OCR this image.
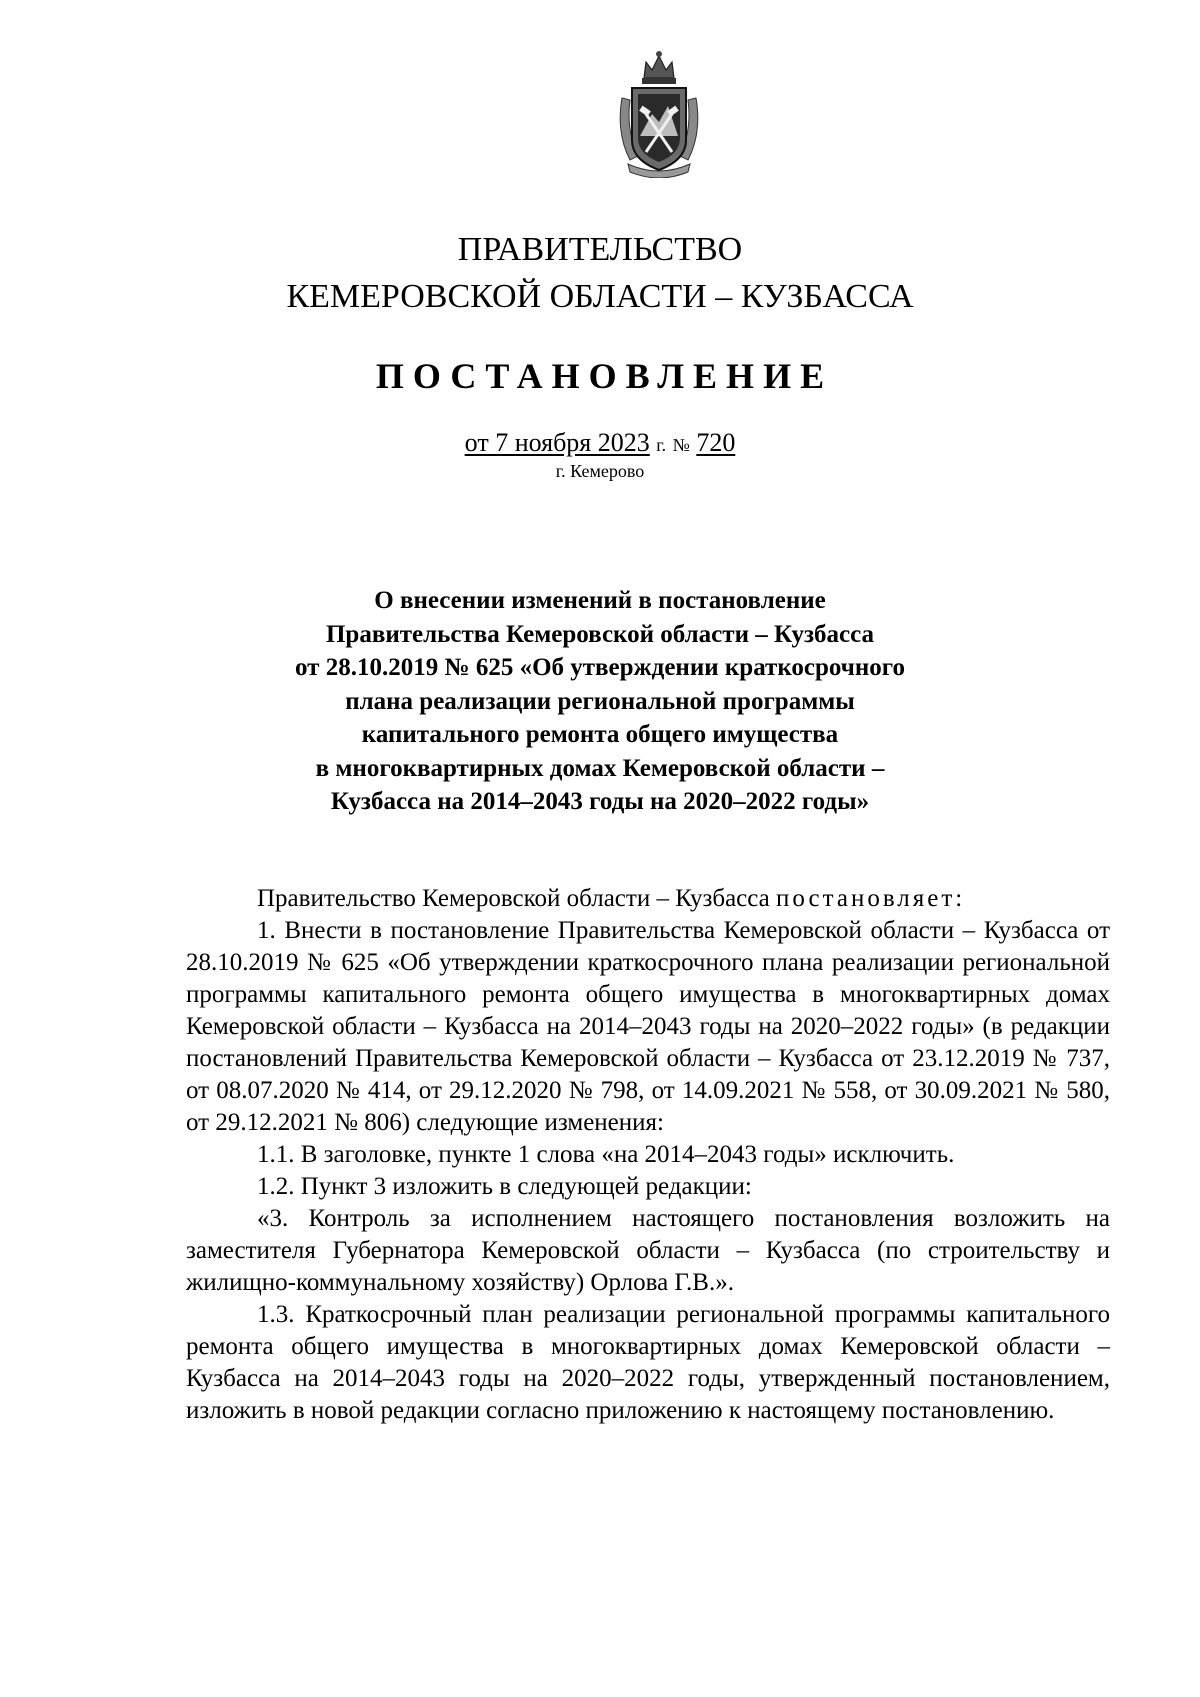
ПРАВИТЕЛЬСТВО
КЕМЕРОВСКОЙ ОБЛАСТИ – КУЗБАССА
ПОСТАНОВЛЕНИЕ
от 7 ноября 2023 г. № 720
г. Кемерово
О внесении изменений в постановление
Правительства Кемеровской области – Кузбасса
от 28.10.2019 № 625 «Об утверждении краткосрочного
плана реализации региональной программы
капитального ремонта общего имущества
в многоквартирных домах Кемеровской области –
Кузбасса на 2014–2043 годы на 2020–2022 годы»

Правительство Кемеровской области – Кузбасса постановляет:

1. Внести в постановление Правительства Кемеровской области – Кузбасса от 28.10.2019 № 625 «Об утверждении краткосрочного плана реализации региональной программы капитального ремонта общего имущества в многоквартирных домах Кемеровской области – Кузбасса на 2014–2043 годы на 2020–2022 годы» (в редакции постановлений Правительства Кемеровской области – Кузбасса от 23.12.2019 № 737, от 08.07.2020 № 414, от 29.12.2020 № 798, от 14.09.2021 № 558, от 30.09.2021 № 580, от 29.12.2021 № 806) следующие изменения:

1.1. В заголовке, пункте 1 слова «на 2014–2043 годы» исключить.

1.2. Пункт 3 изложить в следующей редакции:

«3. Контроль за исполнением настоящего постановления возложить на заместителя Губернатора Кемеровской области – Кузбасса (по строительству и жилищно-коммунальному хозяйству) Орлова Г.В.».

1.3. Краткосрочный план реализации региональной программы капитального ремонта общего имущества в многоквартирных домах Кемеровской области – Кузбасса на 2014–2043 годы на 2020–2022 годы, утвержденный постановлением, изложить в новой редакции согласно приложению к настоящему постановлению.
